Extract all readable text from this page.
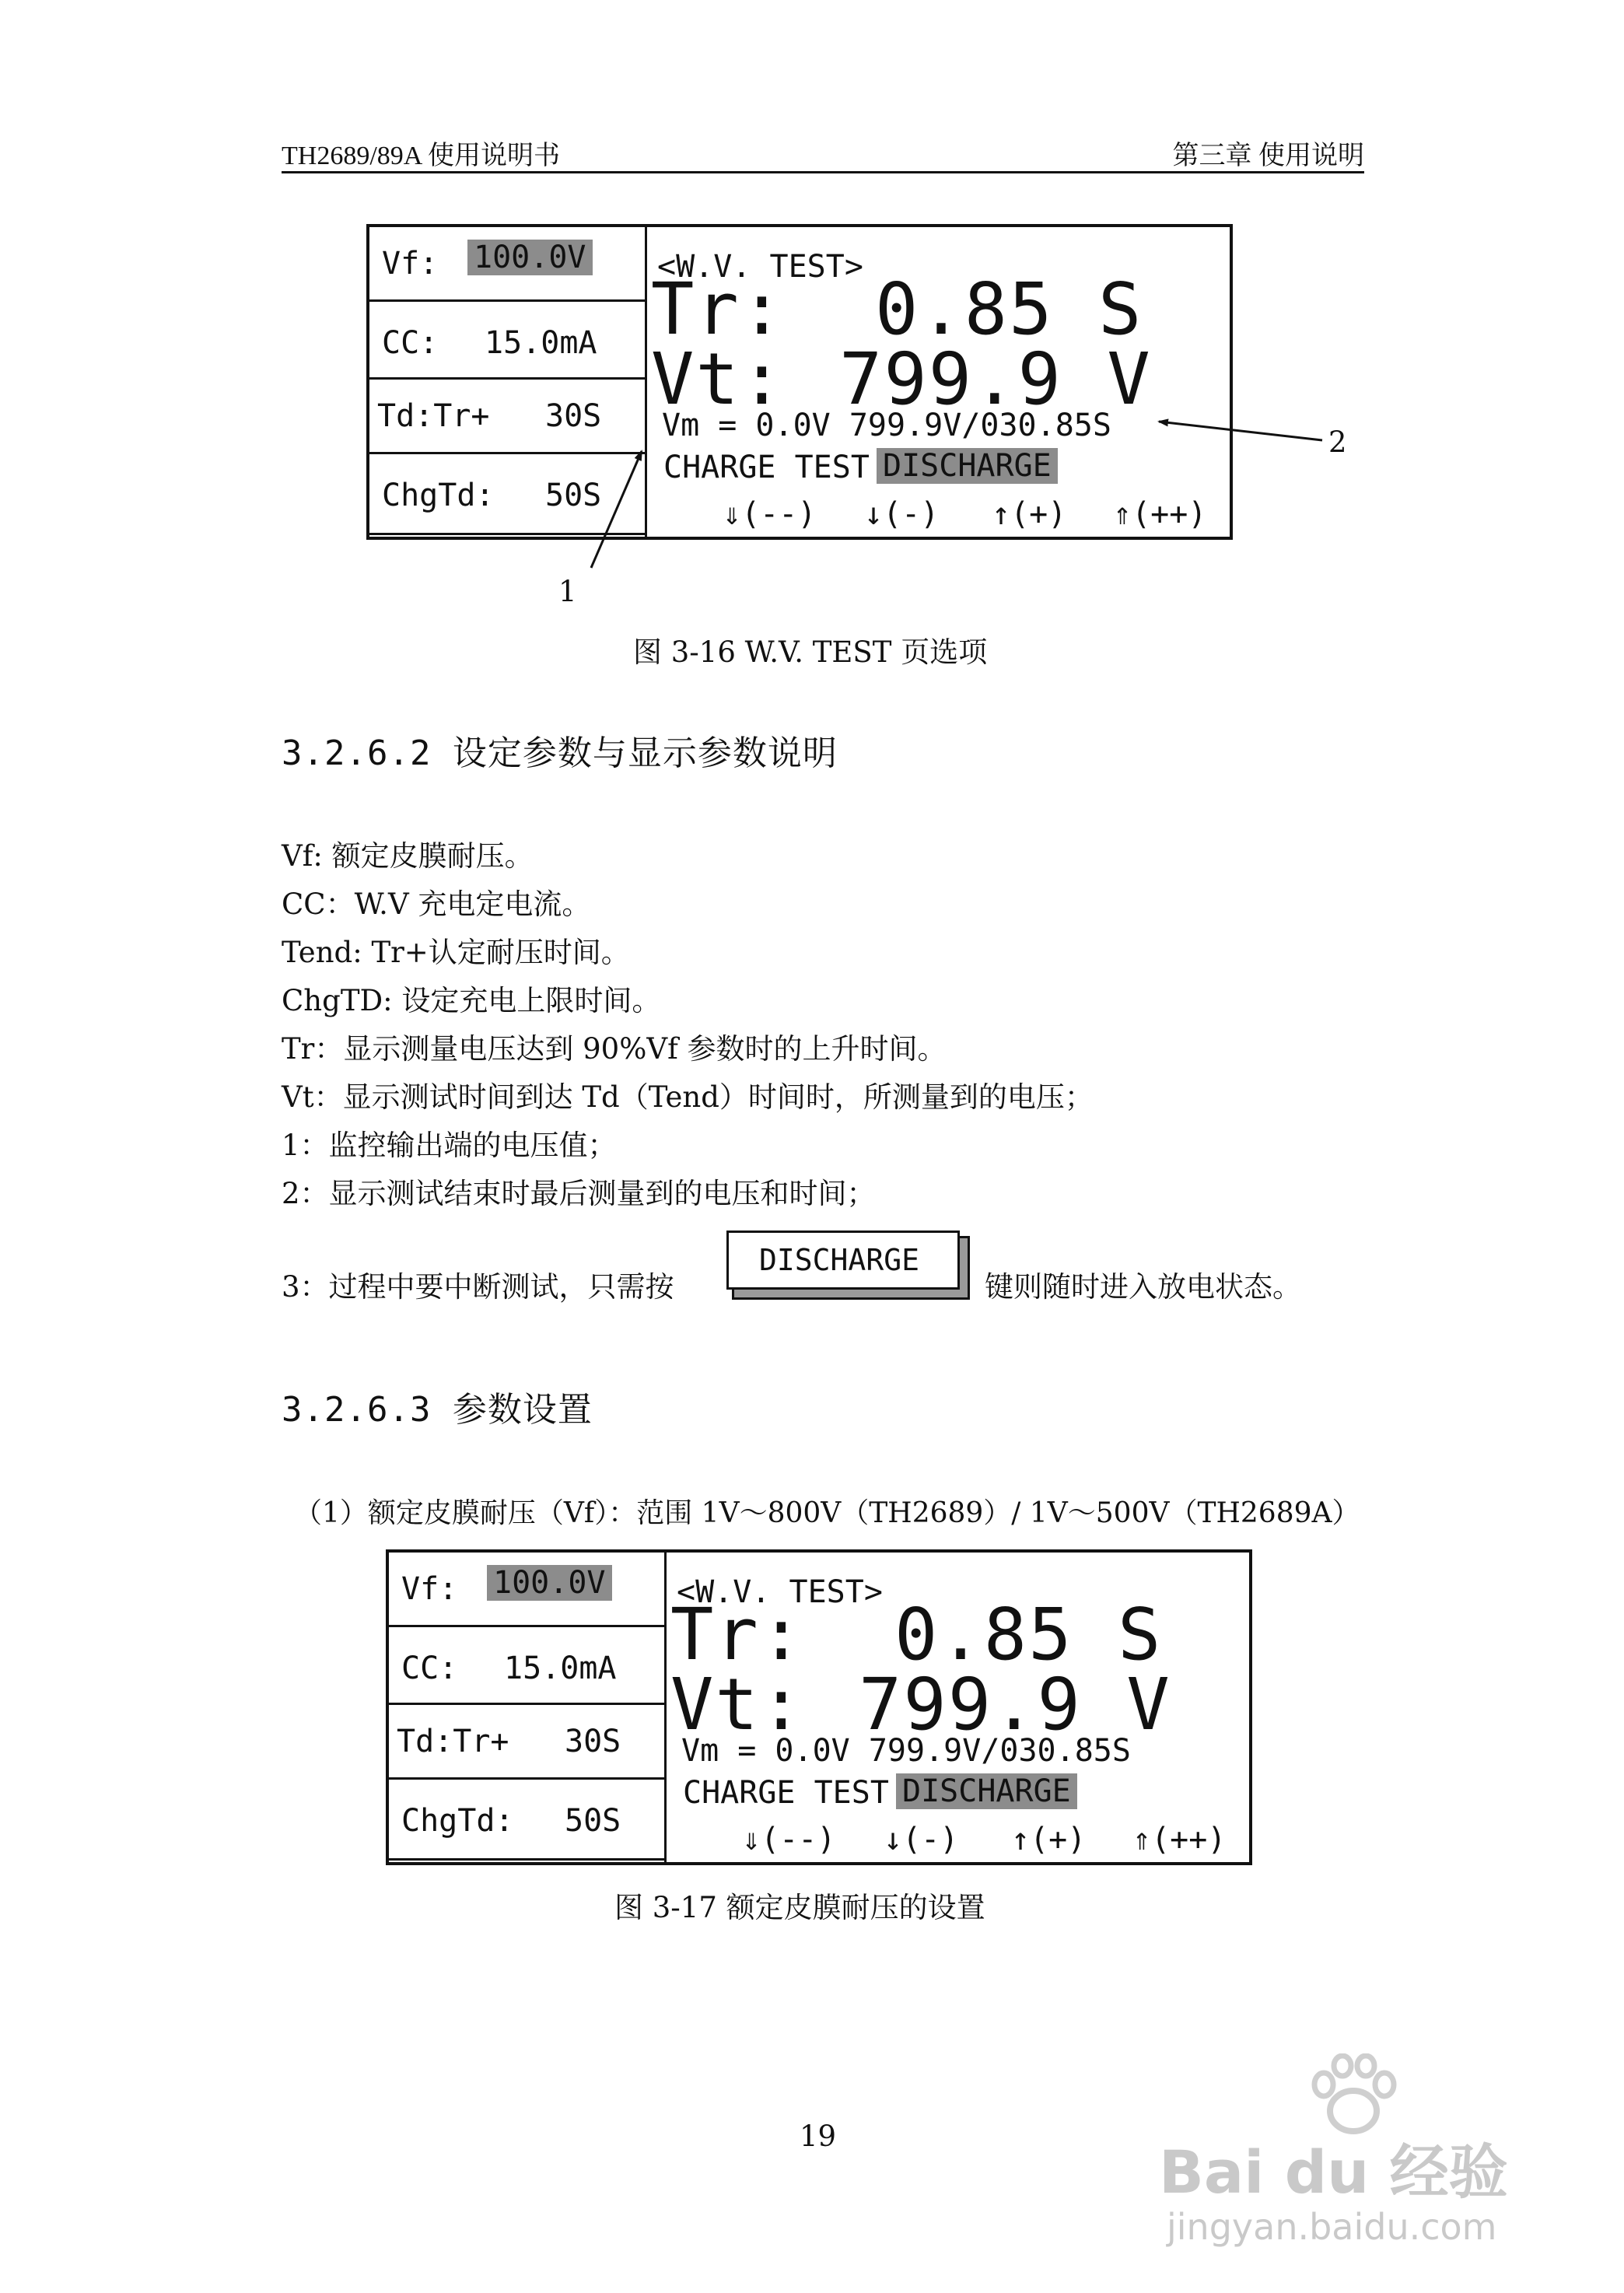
TH2689/89A 使用说明书	第三章 使用说明
Vf: 100.0V
CC: 15.0mA
Td:Tr+ 30S
ChgTd: 50S
<W.V. TEST>
Tr: 0.85 S
Vt: 799.9 V
Vm = 0.0V 799.9V/030.85S
CHARGE TEST DISCHARGE
⇓(--) ↓(-) ↑(+) ⇑(++)
1
2
图 3-16 W.V. TEST 页选项
3.2.6.2 设定参数与显示参数说明
Vf: 额定皮膜耐压。
CC：W.V 充电定电流。
Tend: Tr+认定耐压时间。
ChgTD: 设定充电上限时间。
Tr：显示测量电压达到 90%Vf 参数时的上升时间。
Vt：显示测试时间到达 Td（Tend）时间时，所测量到的电压；
1：监控输出端的电压值；
2：显示测试结束时最后测量到的电压和时间；
3：过程中要中断测试，只需按
DISCHARGE
键则随时进入放电状态。
3.2.6.3 参数设置
（1）额定皮膜耐压（Vf）：范围 1V～800V（TH2689）/ 1V～500V（TH2689A）
Vf: 100.0V
CC: 15.0mA
Td:Tr+ 30S
ChgTd: 50S
<W.V. TEST>
Tr: 0.85 S
Vt: 799.9 V
Vm = 0.0V 799.9V/030.85S
CHARGE TEST DISCHARGE
⇓(--) ↓(-) ↑(+) ⇑(++)
图 3-17 额定皮膜耐压的设置
19
Bai du 经验
jingyan.baidu.com
